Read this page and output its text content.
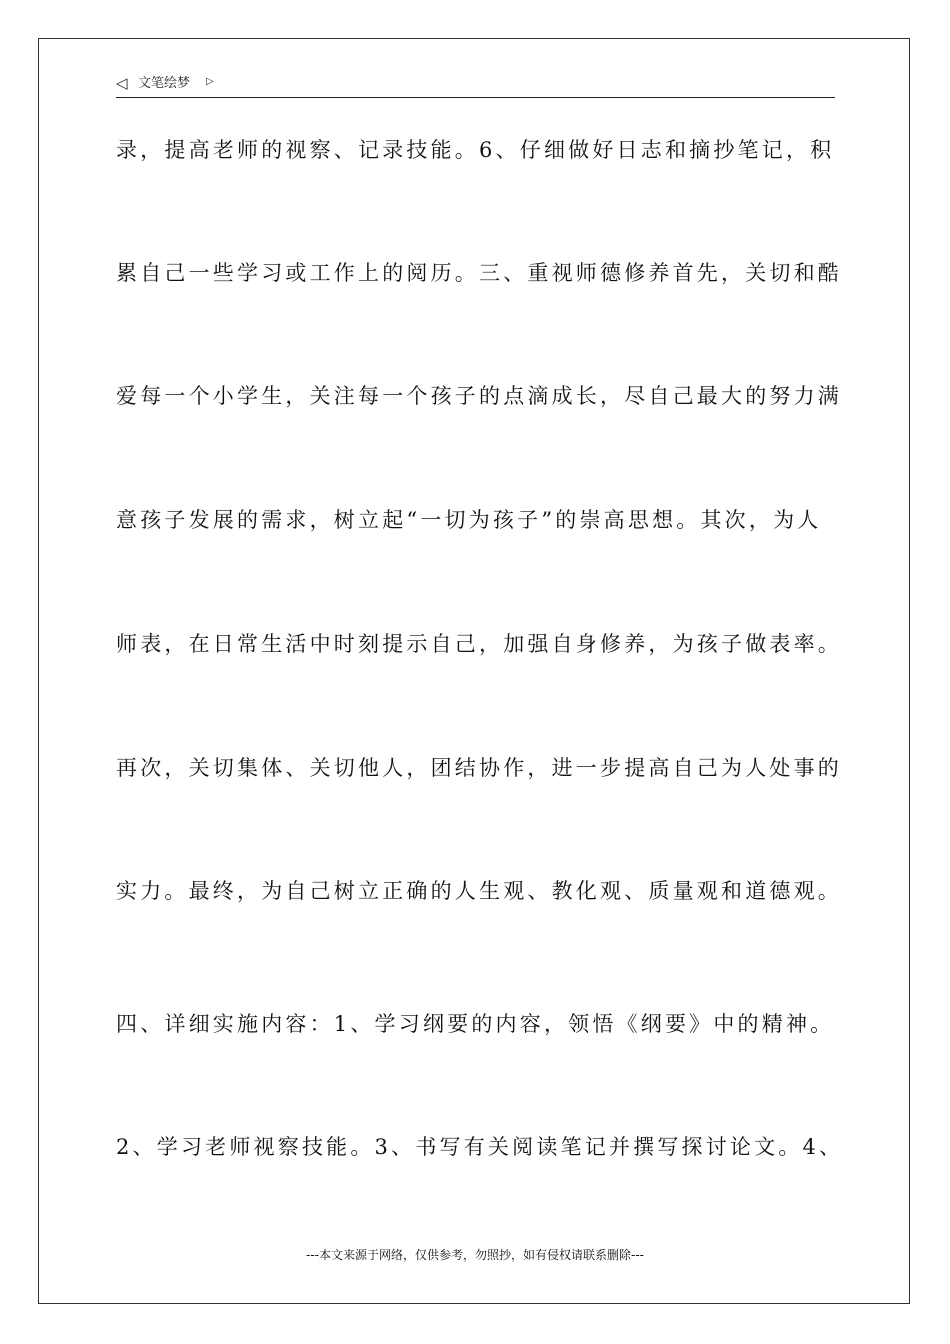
◁ 文笔绘梦 ▷
录，提高老师的视察、记录技能。6、仔细做好日志和摘抄笔记，积
累自己一些学习或工作上的阅历。三、重视师德修养首先，关切和酷
爱每一个小学生，关注每一个孩子的点滴成长，尽自己最大的努力满
意孩子发展的需求，树立起“一切为孩子”的崇高思想。其次，为人
师表，在日常生活中时刻提示自己，加强自身修养，为孩子做表率。
再次，关切集体、关切他人，团结协作，进一步提高自己为人处事的
实力。最终，为自己树立正确的人生观、教化观、质量观和道德观。
四、详细实施内容：1、学习纲要的内容，领悟《纲要》中的精神。
2、学习老师视察技能。3、书写有关阅读笔记并撰写探讨论文。4、
---本文来源于网络，仅供参考，勿照抄，如有侵权请联系删除---
